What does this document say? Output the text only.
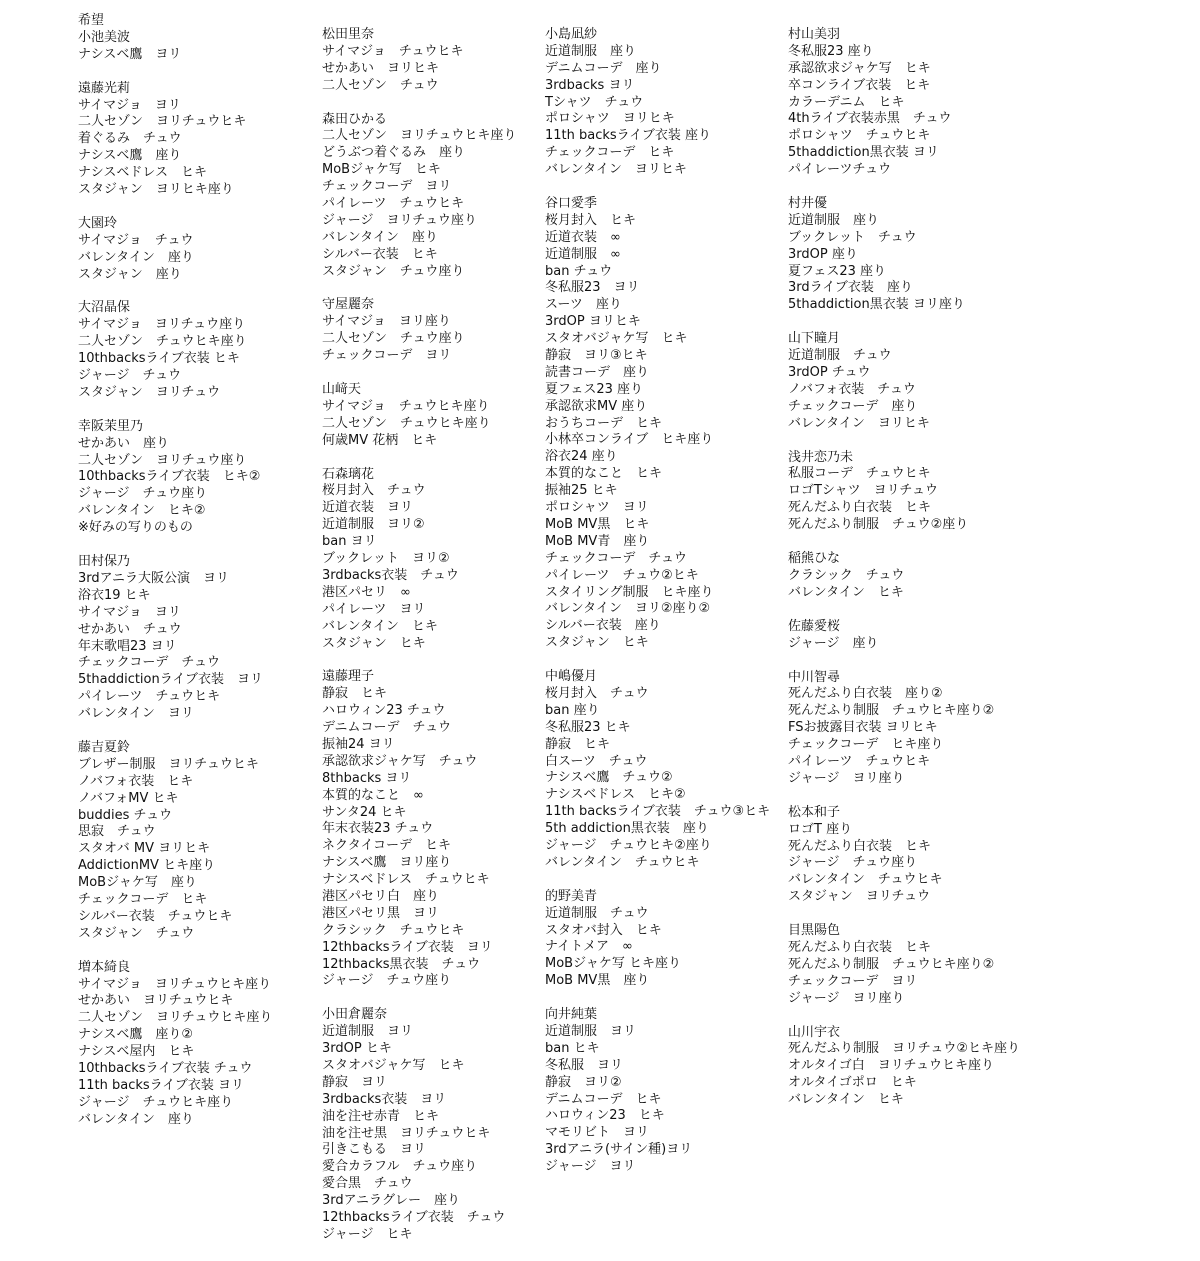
希望
小池美波
ナシスベ鷹　ヨリ
遠藤光莉
サイマジョ　ヨリ
二人セゾン　ヨリチュウヒキ
着ぐるみ　チュウ
ナシスベ鷹　座り
ナシスベドレス　ヒキ
スタジャン　ヨリヒキ座り
大園玲
サイマジョ　チュウ
バレンタイン　座り
スタジャン　座り
大沼晶保
サイマジョ　ヨリチュウ座り
二人セゾン　チュウヒキ座り
10thbacksライブ衣装 ヒキ
ジャージ　チュウ
スタジャン　ヨリチュウ
幸阪茉里乃
せかあい　座り
二人セゾン　ヨリチュウ座り
10thbacksライブ衣装　ヒキ②
ジャージ　チュウ座り
バレンタイン　ヒキ②
※好みの写りのもの
田村保乃
3rdアニラ大阪公演　ヨリ
浴衣19 ヒキ
サイマジョ　ヨリ
せかあい　チュウ
年末歌唱23 ヨリ
チェックコーデ　チュウ
5thaddictionライブ衣装　ヨリ
パイレーツ　チュウヒキ
バレンタイン　ヨリ
藤吉夏鈴
ブレザー制服　ヨリチュウヒキ
ノバフォ衣装　ヒキ
ノバフォMV ヒキ
buddies チュウ
思寂　チュウ
スタオバ MV ヨリヒキ
AddictionMV ヒキ座り
MoBジャケ写　座り
チェックコーデ　ヒキ
シルバー衣装　チュウヒキ
スタジャン　チュウ
増本綺良
サイマジョ　ヨリチュウヒキ座り
せかあい　ヨリチュウヒキ
二人セゾン　ヨリチュウヒキ座り
ナシスベ鷹　座り②
ナシスベ屋内　ヒキ
10thbacksライブ衣装 チュウ
11th backsライブ衣装 ヨリ
ジャージ　チュウヒキ座り
バレンタイン　座り
松田里奈
サイマジョ　チュウヒキ
せかあい　ヨリヒキ
二人セゾン　チュウ
森田ひかる
二人セゾン　ヨリチュウヒキ座り
どうぶつ着ぐるみ　座り
MoBジャケ写　ヒキ
チェックコーデ　ヨリ
パイレーツ　チュウヒキ
ジャージ　ヨリチュウ座り
バレンタイン　座り
シルバー衣装　ヒキ
スタジャン　チュウ座り
守屋麗奈
サイマジョ　ヨリ座り
二人セゾン　チュウ座り
チェックコーデ　ヨリ
山﨑天
サイマジョ　チュウヒキ座り
二人セゾン　チュウヒキ座り
何歳MV 花柄　ヒキ
石森璃花
桜月封入　チュウ
近道衣装　ヨリ
近道制服　ヨリ②
ban ヨリ
ブックレット　ヨリ②
3rdbacks衣装　チュウ
港区パセリ　∞
パイレーツ　ヨリ
バレンタイン　ヒキ
スタジャン　ヒキ
遠藤理子
静寂　ヒキ
ハロウィン23 チュウ
デニムコーデ　チュウ
振袖24 ヨリ
承認欲求ジャケ写　チュウ
8thbacks ヨリ
本質的なこと　∞
サンタ24 ヒキ
年末衣装23 チュウ
ネクタイコーデ　ヒキ
ナシスベ鷹　ヨリ座り
ナシスベドレス　チュウヒキ
港区パセリ白　座り
港区パセリ黒　ヨリ
クラシック　チュウヒキ
12thbacksライブ衣装　ヨリ
12thbacks黒衣装　チュウ
ジャージ　チュウ座り
小田倉麗奈
近道制服　ヨリ
3rdOP ヒキ
スタオバジャケ写　ヒキ
静寂　ヨリ
3rdbacks衣装　ヨリ
油を注せ赤青　ヒキ
油を注せ黒　ヨリチュウヒキ
引きこもる　ヨリ
愛合カラフル　チュウ座り
愛合黒　チュウ
3rdアニラグレー　座り
12thbacksライブ衣装　チュウ
ジャージ　ヒキ
小島凪紗
近道制服　座り
デニムコーデ　座り
3rdbacks ヨリ
Tシャツ　チュウ
ポロシャツ　ヨリヒキ
11th backsライブ衣装 座り
チェックコーデ　ヒキ
バレンタイン　ヨリヒキ
谷口愛季
桜月封入　ヒキ
近道衣装　∞
近道制服　∞
ban チュウ
冬私服23　ヨリ
スーツ　座り
3rdOP ヨリヒキ
スタオバジャケ写　ヒキ
静寂　ヨリ③ヒキ
読書コーデ　座り
夏フェス23 座り
承認欲求MV 座り
おうちコーデ　ヒキ
小林卒コンライブ　ヒキ座り
浴衣24 座り
本質的なこと　ヒキ
振袖25 ヒキ
ポロシャツ　ヨリ
MoB MV黒　ヒキ
MoB MV青　座り
チェックコーデ　チュウ
パイレーツ　チュウ②ヒキ
スタイリング制服　ヒキ座り
バレンタイン　ヨリ②座り②
シルバー衣装　座り
スタジャン　ヒキ
中嶋優月
桜月封入　チュウ
ban 座り
冬私服23 ヒキ
静寂　ヒキ
白スーツ　チュウ
ナシスベ鷹　チュウ②
ナシスベドレス　ヒキ②
11th backsライブ衣装　チュウ③ヒキ
5th addiction黒衣装　座り
ジャージ　チュウヒキ②座り
バレンタイン　チュウヒキ
的野美青
近道制服　チュウ
スタオバ封入　ヒキ
ナイトメア　∞
MoBジャケ写 ヒキ座り
MoB MV黒　座り
向井純葉
近道制服　ヨリ
ban ヒキ
冬私服　ヨリ
静寂　ヨリ②
デニムコーデ　ヒキ
ハロウィン23　ヒキ
マモリビト　ヨリ
3rdアニラ(サイン種)ヨリ
ジャージ　ヨリ
村山美羽
冬私服23 座り
承認欲求ジャケ写　ヒキ
卒コンライブ衣装　ヒキ
カラーデニム　ヒキ
4thライブ衣装赤黒　チュウ
ポロシャツ　チュウヒキ
5thaddiction黒衣装 ヨリ
パイレーツチュウ
村井優
近道制服　座り
ブックレット　チュウ
3rdOP 座り
夏フェス23 座り
3rdライブ衣装　座り
5thaddiction黒衣装 ヨリ座り
山下瞳月
近道制服　チュウ
3rdOP チュウ
ノバフォ衣装　チュウ
チェックコーデ　座り
バレンタイン　ヨリヒキ
浅井恋乃未
私服コーデ　チュウヒキ
ロゴTシャツ　ヨリチュウ
死んだふり白衣装　ヒキ
死んだふり制服　チュウ②座り
稲熊ひな
クラシック　チュウ
バレンタイン　ヒキ
佐藤愛桜
ジャージ　座り
中川智尋
死んだふり白衣装　座り②
死んだふり制服　チュウヒキ座り②
FSお披露目衣装 ヨリヒキ
チェックコーデ　ヒキ座り
パイレーツ　チュウヒキ
ジャージ　ヨリ座り
松本和子
ロゴT 座り
死んだふり白衣装　ヒキ
ジャージ　チュウ座り
バレンタイン　チュウヒキ
スタジャン　ヨリチュウ
目黒陽色
死んだふり白衣装　ヒキ
死んだふり制服　チュウヒキ座り②
チェックコーデ　ヨリ
ジャージ　ヨリ座り
山川宇衣
死んだふり制服　ヨリチュウ②ヒキ座り
オルタイゴ白　ヨリチュウヒキ座り
オルタイゴポロ　ヒキ
バレンタイン　ヒキ
